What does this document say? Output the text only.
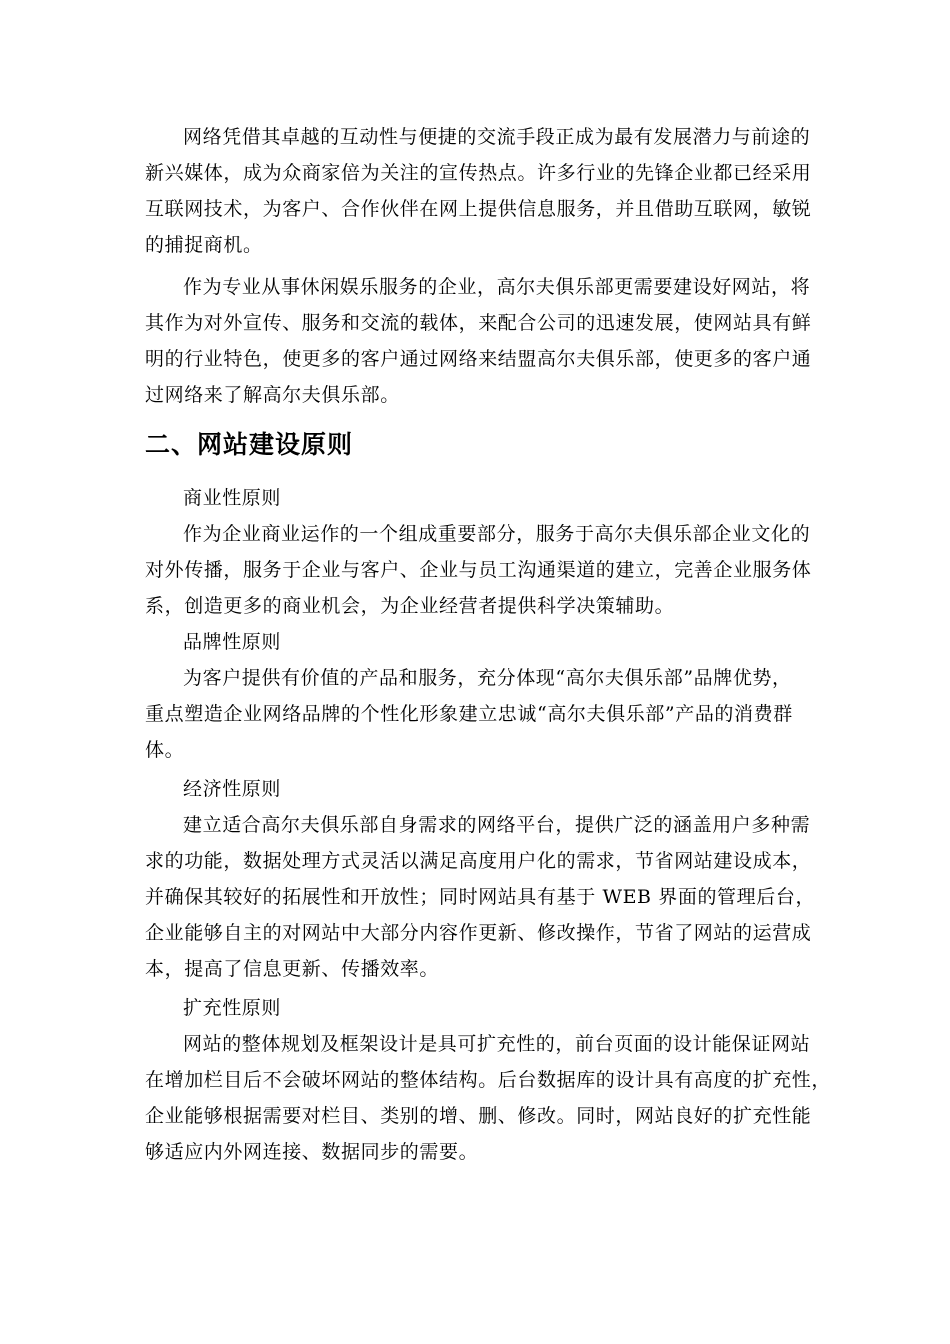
网络凭借其卓越的互动性与便捷的交流手段正成为最有发展潜力与前途的
新兴媒体，成为众商家倍为关注的宣传热点。许多行业的先锋企业都已经采用
互联网技术，为客户、合作伙伴在网上提供信息服务，并且借助互联网，敏锐
的捕捉商机。
作为专业从事休闲娱乐服务的企业，高尔夫俱乐部更需要建设好网站，将
其作为对外宣传、服务和交流的载体，来配合公司的迅速发展，使网站具有鲜
明的行业特色，使更多的客户通过网络来结盟高尔夫俱乐部，使更多的客户通
过网络来了解高尔夫俱乐部。
二、网站建设原则
商业性原则
作为企业商业运作的一个组成重要部分，服务于高尔夫俱乐部企业文化的
对外传播，服务于企业与客户、企业与员工沟通渠道的建立，完善企业服务体
系，创造更多的商业机会，为企业经营者提供科学决策辅助。
品牌性原则
为客户提供有价值的产品和服务，充分体现“高尔夫俱乐部”品牌优势，
重点塑造企业网络品牌的个性化形象建立忠诚“高尔夫俱乐部”产品的消费群
体。
经济性原则
建立适合高尔夫俱乐部自身需求的网络平台，提供广泛的涵盖用户多种需
求的功能，数据处理方式灵活以满足高度用户化的需求，节省网站建设成本，
并确保其较好的拓展性和开放性；同时网站具有基于 WEB 界面的管理后台，
企业能够自主的对网站中大部分内容作更新、修改操作，节省了网站的运营成
本，提高了信息更新、传播效率。
扩充性原则
网站的整体规划及框架设计是具可扩充性的，前台页面的设计能保证网站
在增加栏目后不会破坏网站的整体结构。后台数据库的设计具有高度的扩充性，
企业能够根据需要对栏目、类别的增、删、修改。同时，网站良好的扩充性能
够适应内外网连接、数据同步的需要。
